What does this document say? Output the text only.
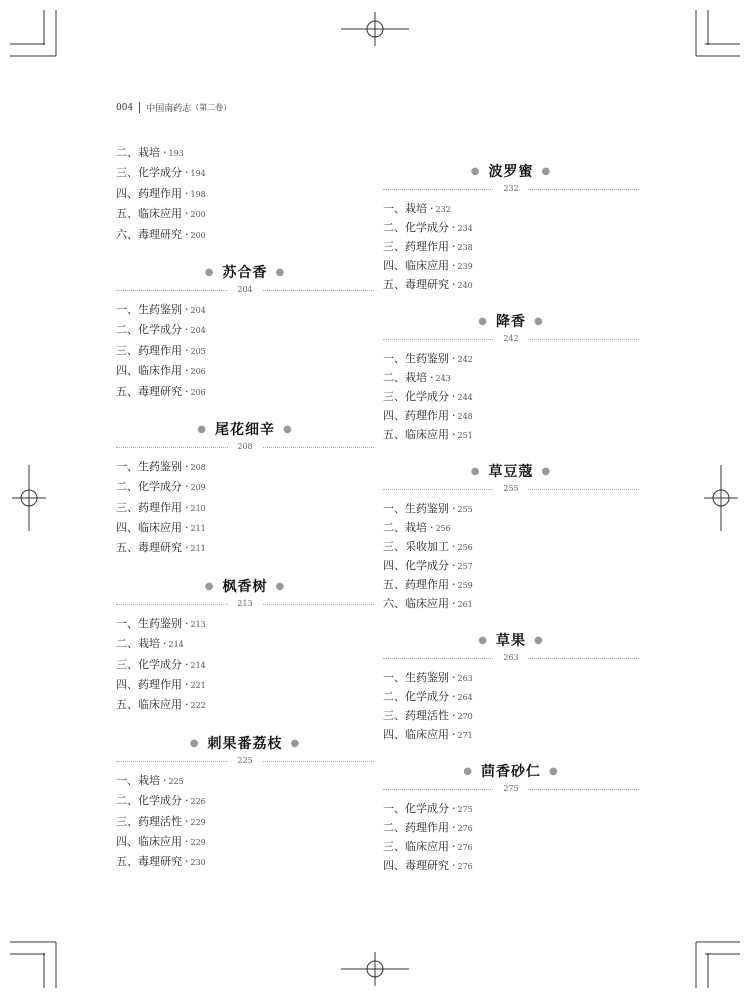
004 中国南药志 （第二卷）
二、栽培 · 193
三、化学成分 · 194
四、药理作用 · 198
五、临床应用 · 200
六、毒理研究 · 200
● 苏合香 ●
204
一、生药鉴别 · 204
二、化学成分 · 204
三、药理作用 · 205
四、临床作用 · 206
五、毒理研究 · 206
● 尾花细辛 ●
208
一、生药鉴别 · 208
二、化学成分 · 209
三、药理作用 · 210
四、临床应用 · 211
五、毒理研究 · 211
● 枫香树 ●
213
一、生药鉴别 · 213
二、栽培 · 214
三、化学成分 · 214
四、药理作用 · 221
五、临床应用 · 222
● 刺果番荔枝 ●
225
一、栽培 · 225
二、化学成分 · 226
三、药理活性 · 229
四、临床应用 · 229
五、毒理研究 · 230
● 波罗蜜 ●
232
一、栽培 · 232
二、化学成分 · 234
三、药理作用 · 238
四、临床应用 · 239
五、毒理研究 · 240
● 降香 ●
242
一、生药鉴别 · 242
二、栽培 · 243
三、化学成分 · 244
四、药理作用 · 248
五、临床应用 · 251
● 草豆蔻 ●
255
一、生药鉴别 · 255
二、栽培 · 256
三、采收加工 · 256
四、化学成分 · 257
五、药理作用 · 259
六、临床应用 · 261
● 草果 ●
263
一、生药鉴别 · 263
二、化学成分 · 264
三、药理活性 · 270
四、临床应用 · 271
● 茴香砂仁 ●
275
一、化学成分 · 275
二、药理作用 · 276
三、临床应用 · 276
四、毒理研究 · 276
